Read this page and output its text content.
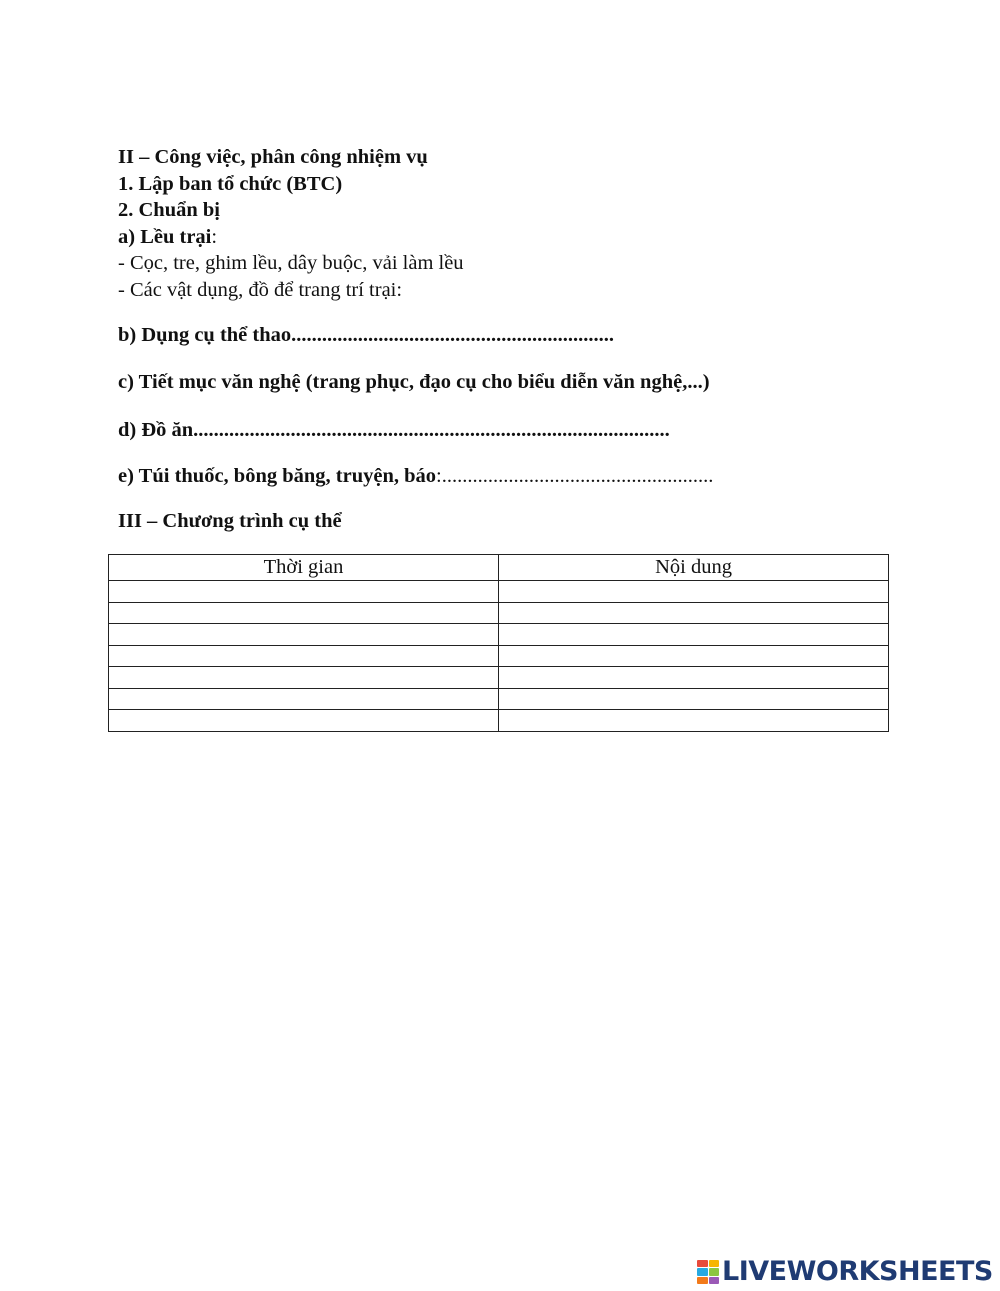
II – Công việc, phân công nhiệm vụ
1. Lập ban tổ chức (BTC)
2. Chuẩn bị
a) Lều trại:
- Cọc, tre, ghim lều, dây buộc, vải làm lều
- Các vật dụng, đồ để trang trí trại:
b) Dụng cụ thể thao...............................................................
c) Tiết mục văn nghệ (trang phục, đạo cụ cho biểu diễn văn nghệ,...)
d) Đồ ăn.............................................................................................
e) Túi thuốc, bông băng, truyện, báo:.....................................................
III – Chương trình cụ thể
Thời gian	Nội dung

LIVEWORKSHEETS
